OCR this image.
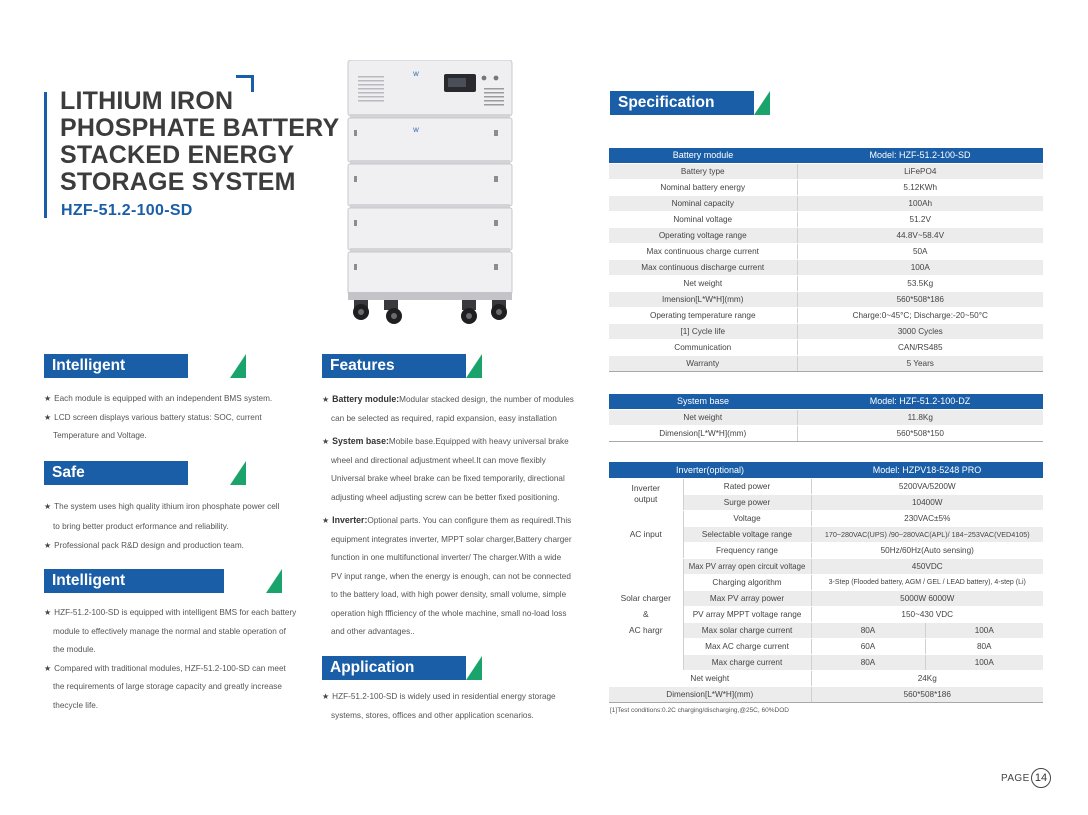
LITHIUM IRON
PHOSPHATE BATTERY
STACKED ENERGY
STORAGE SYSTEM
HZF-51.2-100-SD
W
W
Intelligent
★ Each module is equipped with an independent BMS system.
★ LCD screen displays various battery status: SOC, current
Temperature and Voltage.
Safe
★ The system uses high quality ithium iron phosphate power cell
to bring better product erformance and reliability.
★ Professional pack R&D design and production team.
Intelligent management
★ HZF-51.2-100-SD is equipped with intelligent BMS for each battery
module to effectively manage the normal and stable operation of
the module.
★ Compared with traditional modules, HZF-51.2-100-SD can meet
the requirements of large storage capacity and greatly increase
thecycle life.
Features
★ Battery module:Modular stacked design, the number of modules
can be selected as required, rapid expansion, easy installation
★ System base:Mobile base.Equipped with heavy universal brake
wheel and directional adjustment wheel.It can move flexibly
Universal brake wheel brake can be fixed temporarily, directional
adjusting wheel adjusting screw can be better fixed positioning.
★ Inverter:Optional parts. You can configure them as requiredl.This
equipment integrates inverter, MPPT solar charger,Battery charger
function in one multifunctional inverter/ The charger.With a wide
PV input range, when the energy is enough, can not be connected
to the battery load, with high power density, small volume, simple
operation high ffficiency of the whole machine, small no-load loss
and other advantages..
Application
★ HZF-51.2-100-SD is widely used in residential energy storage
systems, stores, offices and other application scenarios.
Specification
Battery module	Model: HZF-51.2-100-SD
Battery type	LiFePO4
Nominal battery energy	5.12KWh
Nominal capacity	100Ah
Nominal voltage	51.2V
Operating voltage range	44.8V~58.4V
Max continuous charge current	50A
Max continuous discharge current	100A
Net weight	53.5Kg
Imension[L*W*H](mm)	560*508*186
Operating temperature range	Charge:0~45°C; Discharge:-20~50°C
[1] Cycle life	3000 Cycles
Communication	CAN/RS485
Warranty	5 Years
System base	Model: HZF-51.2-100-DZ
Net weight	11.8Kg
Dimension[L*W*H](mm)	560*508*150
Inverter(optional)		Model: HZPV18-5248 PRO	

Inverter
output	Rated power	5200VA/5200W	
	Surge power	10400W	
AC input	Voltage	230VAC±5%	
	Selectable voltage range	170~280VAC(UPS) /90~280VAC(APL)/ 184~253VAC(VED4105)	
	Frequency range	50Hz/60Hz(Auto sensing)	

Solar charger
&
AC hargr	Max PV array open circuit voltage	450VDC	
	Charging algorithm	3-Step (Flooded battery, AGM / GEL / LEAD battery), 4-step (Li)	
	Max PV array power	5000W 6000W	
	PV array MPPT voltage range	150~430 VDC	
	Max solar charge current	80A	100A
	Max AC charge current	60A	80A
	Max charge current	80A	100A
Net weight		24Kg	
Dimension[L*W*H](mm)		560*508*186	
[1]Test conditions:0.2C charging/discharging,@25C, 60%DOD
PAGE 14
